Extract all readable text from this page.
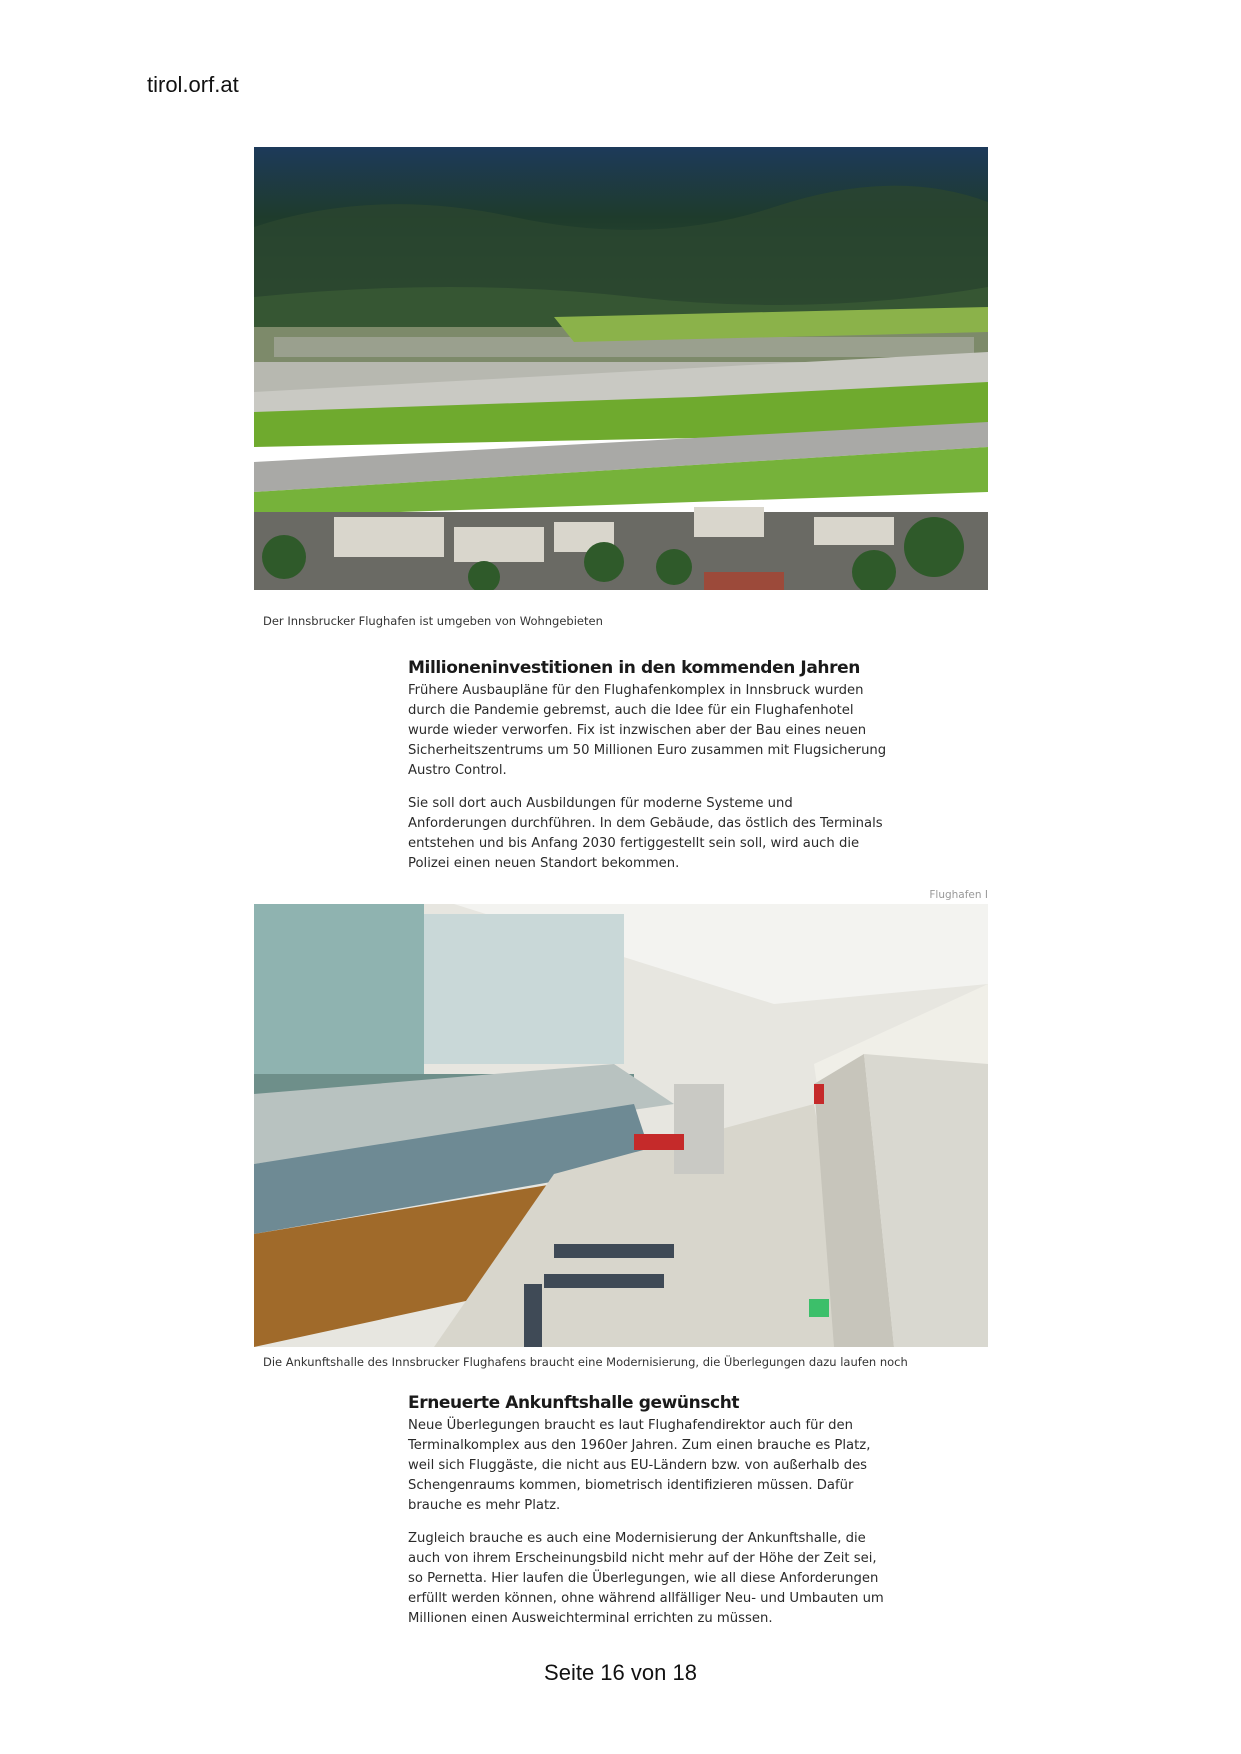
tirol.orf.at
Der Innsbrucker Flughafen ist umgeben von Wohngebieten
Millioneninvestitionen in den kommenden Jahren

Frühere Ausbaupläne für den Flughafenkomplex in Innsbruck wurden durch die Pandemie gebremst, auch die Idee für ein Flughafenhotel wurde wieder verworfen. Fix ist inzwischen aber der Bau eines neuen Sicherheitszentrums um 50 Millionen Euro zusammen mit Flugsicherung Austro Control.

Sie soll dort auch Ausbildungen für moderne Systeme und Anforderungen durchführen. In dem Gebäude, das östlich des Terminals entstehen und bis Anfang 2030 fertiggestellt sein soll, wird auch die Polizei einen neuen Standort bekommen.

Flughafen I
Die Ankunftshalle des Innsbrucker Flughafens braucht eine Modernisierung, die Überlegungen dazu laufen noch
Erneuerte Ankunftshalle gewünscht

Neue Überlegungen braucht es laut Flughafendirektor auch für den Terminalkomplex aus den 1960er Jahren. Zum einen brauche es Platz, weil sich Fluggäste, die nicht aus EU-Ländern bzw. von außerhalb des Schengenraums kommen, biometrisch identifizieren müssen. Dafür brauche es mehr Platz.

Zugleich brauche es auch eine Modernisierung der Ankunftshalle, die auch von ihrem Erscheinungsbild nicht mehr auf der Höhe der Zeit sei, so Pernetta. Hier laufen die Überlegungen, wie all diese Anforderungen erfüllt werden können, ohne während allfälliger Neu- und Umbauten um Millionen einen Ausweichterminal errichten zu müssen.

Seite 16 von 18
